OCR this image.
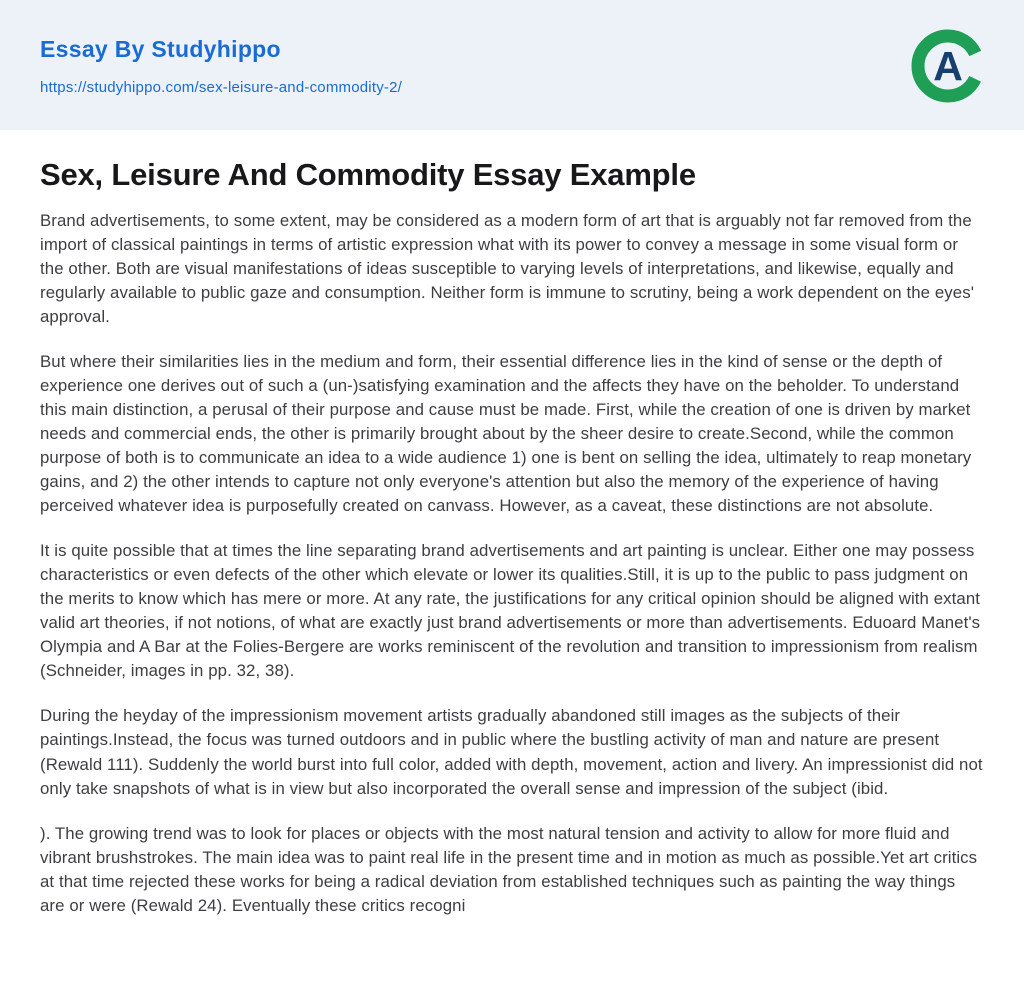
Essay By Studyhippo
https://studyhippo.com/sex-leisure-and-commodity-2/	A
Sex, Leisure And Commodity Essay Example

Brand advertisements, to some extent, may be considered as a modern form of art that is arguably not far removed from the import of classical paintings in terms of artistic expression what with its power to convey a message in some visual form or the other. Both are visual manifestations of ideas susceptible to varying levels of interpretations, and likewise, equally and regularly available to public gaze and consumption. Neither form is immune to scrutiny, being a work dependent on the eyes' approval.

But where their similarities lies in the medium and form, their essential difference lies in the kind of sense or the depth of experience one derives out of such a (un-)satisfying examination and the affects they have on the beholder. To understand this main distinction, a perusal of their purpose and cause must be made. First, while the creation of one is driven by market needs and commercial ends, the other is primarily brought about by the sheer desire to create.Second, while the common purpose of both is to communicate an idea to a wide audience 1) one is bent on selling the idea, ultimately to reap monetary gains, and 2) the other intends to capture not only everyone's attention but also the memory of the experience of having perceived whatever idea is purposefully created on canvass. However, as a caveat, these distinctions are not absolute.

It is quite possible that at times the line separating brand advertisements and art painting is unclear. Either one may possess characteristics or even defects of the other which elevate or lower its qualities.Still, it is up to the public to pass judgment on the merits to know which has mere or more. At any rate, the justifications for any critical opinion should be aligned with extant valid art theories, if not notions, of what are exactly just brand advertisements or more than advertisements. Eduoard Manet's Olympia and A Bar at the Folies-Bergere are works reminiscent of the revolution and transition to impressionism from realism (Schneider, images in pp. 32, 38).

During the heyday of the impressionism movement artists gradually abandoned still images as the subjects of their paintings.Instead, the focus was turned outdoors and in public where the bustling activity of man and nature are present (Rewald 111). Suddenly the world burst into full color, added with depth, movement, action and livery. An impressionist did not only take snapshots of what is in view but also incorporated the overall sense and impression of the subject (ibid.

). The growing trend was to look for places or objects with the most natural tension and activity to allow for more fluid and vibrant brushstrokes. The main idea was to paint real life in the present time and in motion as much as possible.Yet art critics at that time rejected these works for being a radical deviation from established techniques such as painting the way things are or were (Rewald 24). Eventually these critics recogni
